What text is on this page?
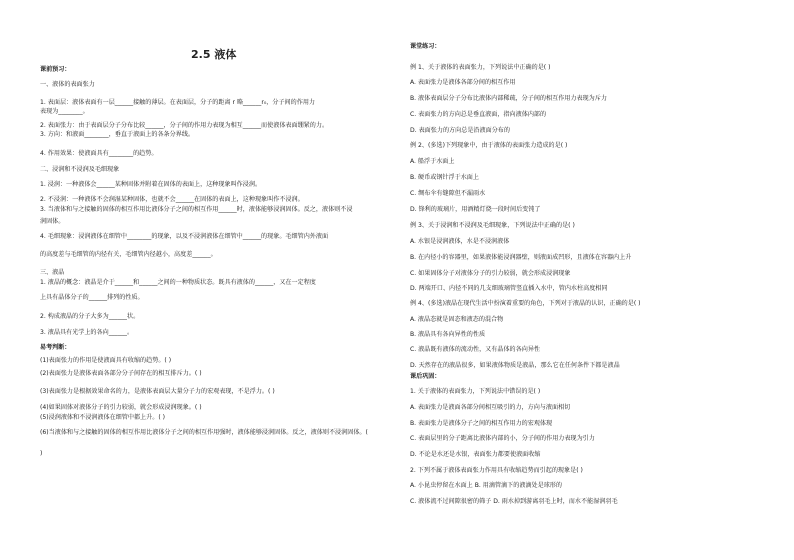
2.5 液体
课前预习：
一、液体的表面张力
1. 表面层：液体表面有一层______接触的薄层。在表面层，分子的距离 r 略______r₀，分子间的作用力
表现为________。
2. 表面张力：由于表面层分子分布比较______，分子间的作用力表现为相互______而使液体表面绷紧的力。
3. 方向：和液面________，垂直于液面上的各条分界线。
4. 作用效果：使液面具有________的趋势。
二、浸润和不浸润及毛细现象
1. 浸润：一种液体会______某种固体并附着在固体的表面上，这种现象叫作浸润。
2. 不浸润：一种液体不会润湿某种固体，也就不会______在固体的表面上，这种现象叫作不浸润。
3. 当液体和与之接触的固体的相互作用比液体分子之间的相互作用______时，液体能够浸润固体。反之，液体则不浸
润固体。
4. 毛细现象：浸润液体在细管中________的现象，以及不浸润液体在细管中______的现象。毛细管内外液面
的高度差与毛细管的内径有关，毛细管内径越小，高度差______。
三、液晶
1. 液晶的概念：液晶是介于______和______之间的一种物质状态。既具有液体的______，又在一定程度
上具有晶体分子的______排列的性质。
2. 构成液晶的分子大多为______状。
3. 液晶具有光学上的各向______。
易考判断：
(1)表面张力的作用是使液面具有收缩的趋势。( )
(2)表面张力是液体表面各部分分子间存在的相互排斥力。( )
(3)表面张力是根据效果命名的力，是液体表面层大量分子力的宏观表现，不是浮力。( )
(4)如果固体对液体分子的引力较弱，就会形成浸润现象。( )
(5)浸润液体和不浸润液体在细管中都上升。( )
(6)当液体和与之接触的固体的相互作用比液体分子之间的相互作用强时，液体能够浸润固体。反之，液体则不浸润固体。(
)
课堂练习：
例 1、关于液体的表面张力，下列说法中正确的是( )
A. 表面张力是液体各部分间的相互作用
B. 液体表面层分子分布比液体内部稀疏，分子间的相互作用力表现为斥力
C. 表面张力的方向总是垂直液面，指向液体内部的
D. 表面张力的方向总是沿液面分布的
例 2、(多选)下列现象中，由于液体的表面张力造成的是( )
A. 船浮于水面上
B. 硬币或钢针浮于水面上
C. 绸布伞有缝隙但不漏雨水
D. 锋利的玻璃片，用酒精灯烧一段时间后变钝了
例 3、关于浸润和不浸润及毛细现象，下列说法中正确的是( )
A. 水银是浸润液体，水是不浸润液体
B. 在内径小的容器里，如果液体能浸润器壁，则液面成凹形，且液体在容器内上升
C. 如果固体分子对液体分子的引力较弱，就会形成浸润现象
D. 两端开口、内径不同的几支细玻璃管竖直插入水中，管内水柱高度相同
例 4、(多选)液晶在现代生活中扮演着重要的角色，下列对于液晶的认识，正确的是( )
A. 液晶态就是固态和液态的混合物
B. 液晶具有各向异性的性质
C. 液晶既有液体的流动性，又有晶体的各向异性
D. 天然存在的液晶很多，如果液体物质是液晶，那么它在任何条件下都是液晶
课后巩固：
1. 关于液体的表面张力，下列说法中错误的是( )
A. 表面张力是液面各部分间相互吸引的力，方向与液面相切
B. 表面张力是液体分子之间的相互作用力的宏观体现
C. 表面层里的分子距离比液体内部的小，分子间的作用力表现为引力
D. 不论是水还是水银，表面张力都要使液面收缩
2. 下列不属于液体表面张力作用具有收缩趋势而引起的现象是( )
A. 小昆虫停留在水面上 B. 用滴管滴下的液滴处是球形的
C. 液体流不过间隙很密的筛子 D. 雨水掉到游离羽毛上时，而水不能湿润羽毛
